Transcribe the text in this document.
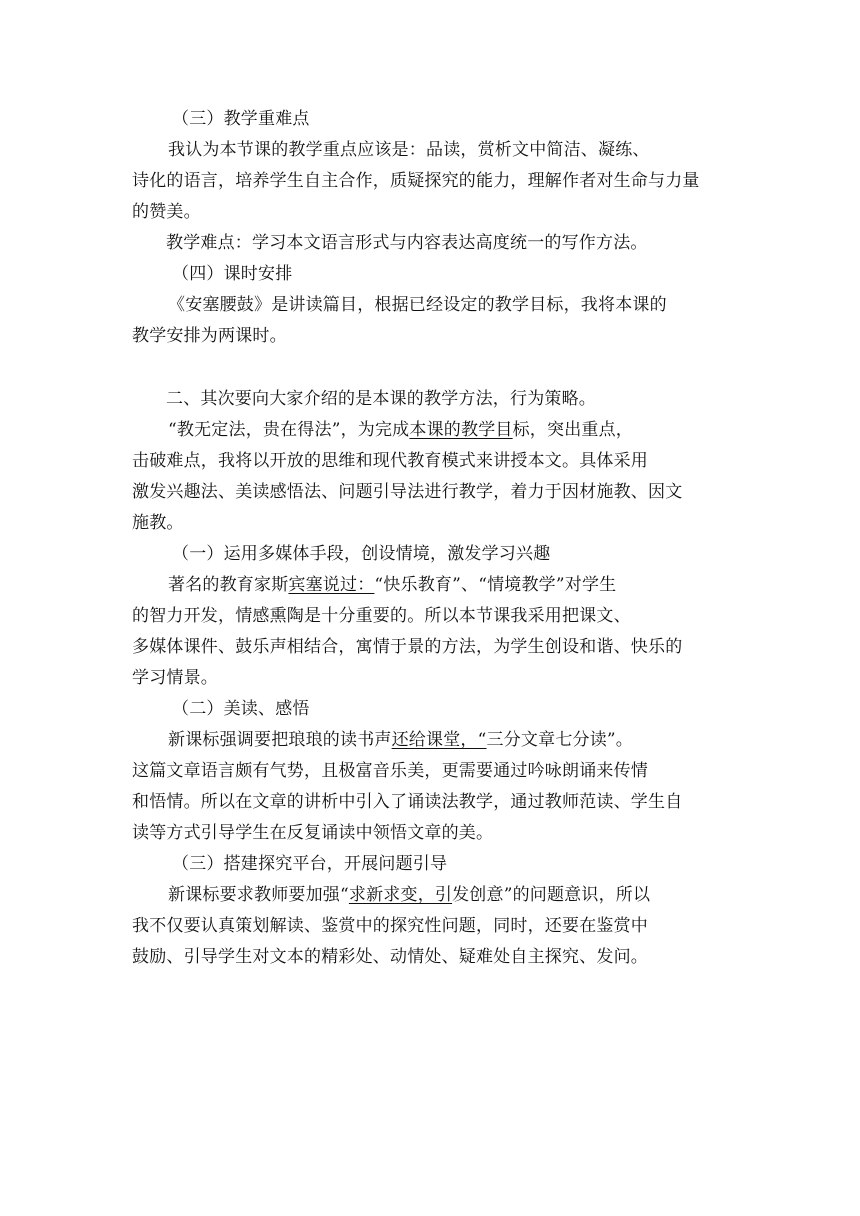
（三）教学重难点
我认为本节课的教学重点应该是：品读，赏析文中简洁、凝练、
诗化的语言，培养学生自主合作，质疑探究的能力，理解作者对生命与力量
的赞美。
教学难点：学习本文语言形式与内容表达高度统一的写作方法。
（四）课时安排
《安塞腰鼓》是讲读篇目，根据已经设定的教学目标，我将本课的
教学安排为两课时。
二、其次要向大家介绍的是本课的教学方法，行为策略。
“教无定法，贵在得法”，为完成本课的教学目标，突出重点，
击破难点，我将以开放的思维和现代教育模式来讲授本文。具体采用
激发兴趣法、美读感悟法、问题引导法进行教学，着力于因材施教、因文
施教。
（一）运用多媒体手段，创设情境，激发学习兴趣
著名的教育家斯宾塞说过：“快乐教育”、“情境教学”对学生
的智力开发，情感熏陶是十分重要的。所以本节课我采用把课文、
多媒体课件、鼓乐声相结合，寓情于景的方法，为学生创设和谐、快乐的
学习情景。
（二）美读、感悟
新课标强调要把琅琅的读书声还给课堂，“三分文章七分读”。
这篇文章语言颇有气势，且极富音乐美，更需要通过吟咏朗诵来传情
和悟情。所以在文章的讲析中引入了诵读法教学，通过教师范读、学生自
读等方式引导学生在反复诵读中领悟文章的美。
（三）搭建探究平台，开展问题引导
新课标要求教师要加强“求新求变，引发创意”的问题意识，所以
我不仅要认真策划解读、鉴赏中的探究性问题，同时，还要在鉴赏中
鼓励、引导学生对文本的精彩处、动情处、疑难处自主探究、发问。
